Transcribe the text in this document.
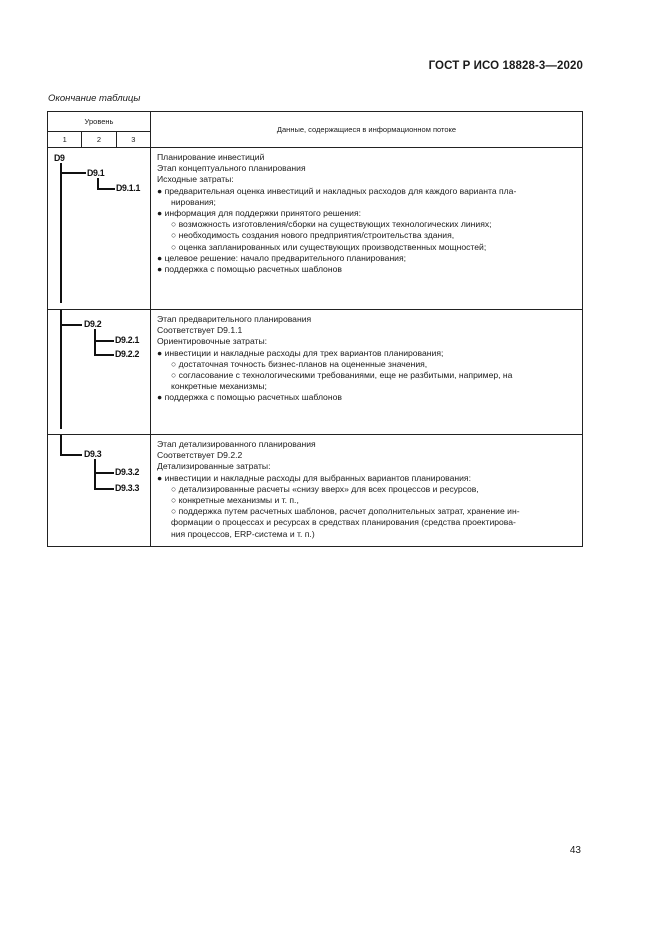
ГОСТ Р ИСО 18828-3—2020
Окончание таблицы
Уровень
1	2	3
Данные, содержащиеся в информационном потоке
D9
D9.1
D9.1.1

Планирование инвестиций

Этап концептуального планирования

Исходные затраты:

● предварительная оценка инвестиций и накладных расходов для каждого варианта пла-

нирования;

● информация для поддержки принятого решения:

○ возможность изготовления/сборки на существующих технологических линиях;

○ необходимость создания нового предприятия/строительства здания,

○ оценка запланированных или существующих производственных мощностей;

● целевое решение: начало предварительного планирования;

● поддержка с помощью расчетных шаблонов

D9.2
D9.2.1
D9.2.2

Этап предварительного планирования

Соответствует D9.1.1

Ориентировочные затраты:

● инвестиции и накладные расходы для трех вариантов планирования;

○ достаточная точность бизнес-планов на оцененные значения,

○ согласование с технологическими требованиями, еще не разбитыми, например, на

конкретные механизмы;

● поддержка с помощью расчетных шаблонов

D9.3
D9.3.2
D9.3.3

Этап детализированного планирования

Соответствует D9.2.2

Детализированные затраты:

● инвестиции и накладные расходы для выбранных вариантов планирования:

○ детализированные расчеты «снизу вверх» для всех процессов и ресурсов,

○ конкретные механизмы и т. п.,

○ поддержка путем расчетных шаблонов, расчет дополнительных затрат, хранение ин-

формации о процессах и ресурсах в средствах планирования (средства проектирова-

ния процессов, ERP-система и т. п.)

43
